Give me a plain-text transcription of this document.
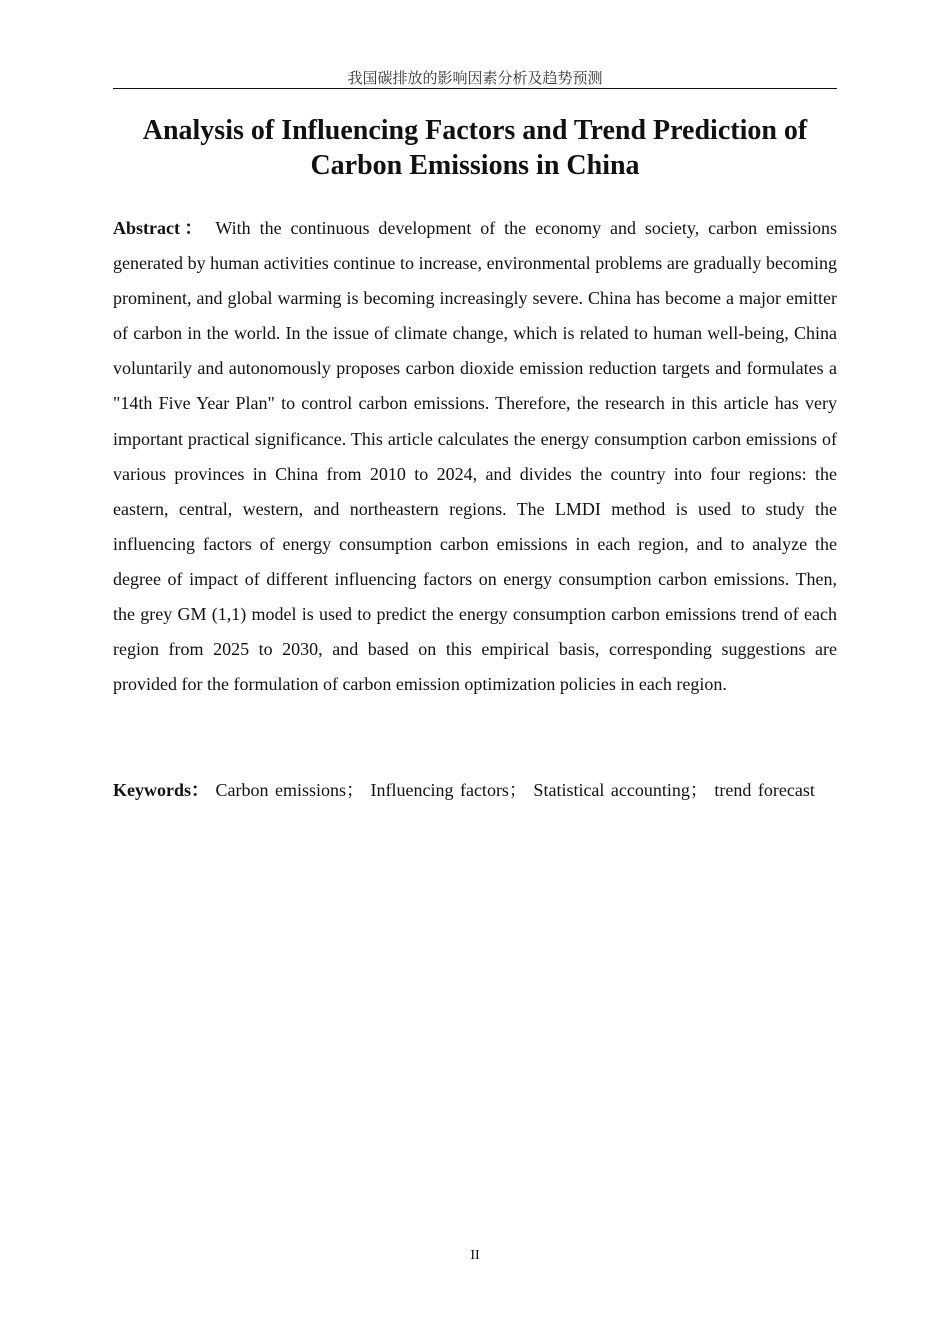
我国碳排放的影响因素分析及趋势预测
Analysis of Influencing Factors and Trend Prediction of
Carbon Emissions in China

Abstract： With the continuous development of the economy and society, carbon emissions generated by human activities continue to increase, environmental problems are gradually becoming prominent, and global warming is becoming increasingly severe. China has become a major emitter of carbon in the world. In the issue of climate change, which is related to human well-being, China voluntarily and autonomously proposes carbon dioxide emission reduction targets and formulates a "14th Five Year Plan" to control carbon emissions. Therefore, the research in this article has very important practical significance. This article calculates the energy consumption carbon emissions of various provinces in China from 2010 to 2024, and divides the country into four regions: the eastern, central, western, and northeastern regions. The LMDI method is used to study the influencing factors of energy consumption carbon emissions in each region, and to analyze the degree of impact of different influencing factors on energy consumption carbon emissions. Then, the grey GM (1,1) model is used to predict the energy consumption carbon emissions trend of each region from 2025 to 2030, and based on this empirical basis, corresponding suggestions are provided for the formulation of carbon emission optimization policies in each region.

Keywords： Carbon emissions； Influencing factors； Statistical accounting； trend forecast

II
